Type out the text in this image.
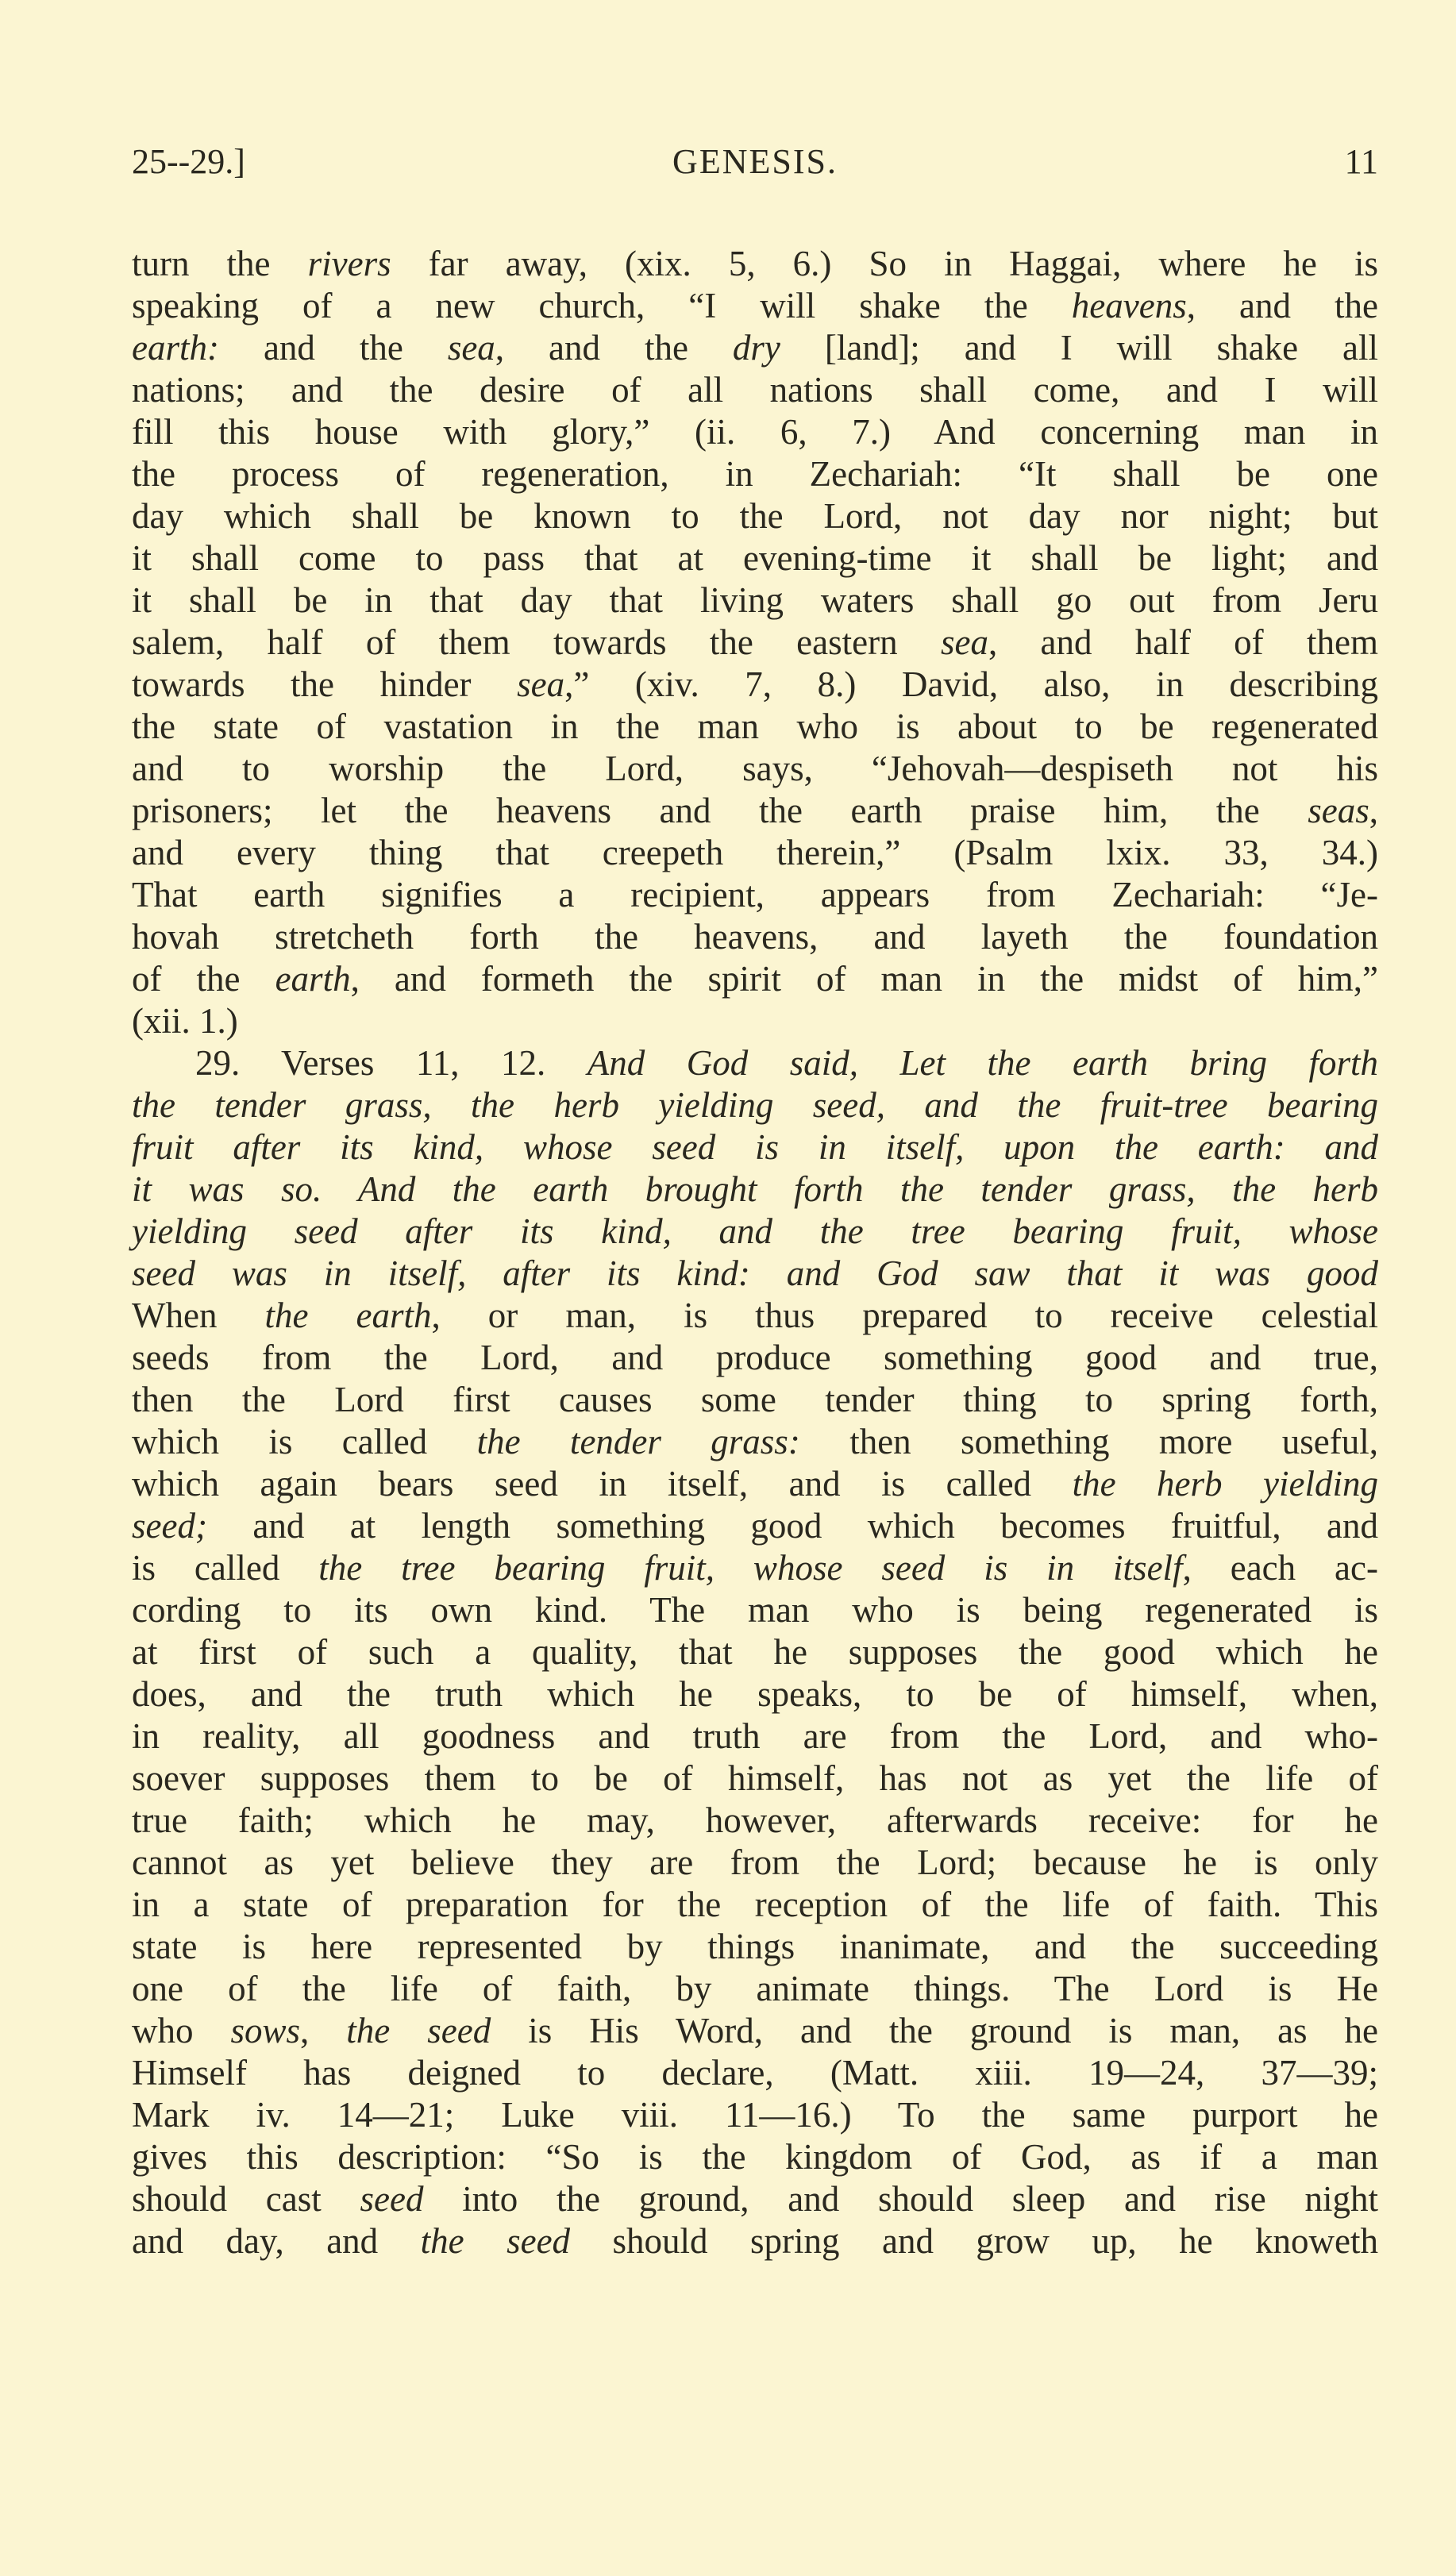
25--29.]	GENESIS.	11
turn the rivers far away, (xix. 5, 6.) So in Haggai, where he is
speaking of a new church, “I will shake the heavens, and the
earth: and the sea, and the dry [land]; and I will shake all
nations; and the desire of all nations shall come, and I will
fill this house with glory,” (ii. 6, 7.) And concerning man in
the process of regeneration, in Zechariah: “It shall be one
day which shall be known to the Lord, not day nor night; but
it shall come to pass that at evening-time it shall be light; and
it shall be in that day that living waters shall go out from Jeru
salem, half of them towards the eastern sea, and half of them
towards the hinder sea,” (xiv. 7, 8.) David, also, in describing
the state of vastation in the man who is about to be regenerated
and to worship the Lord, says, “Jehovah—despiseth not his
prisoners; let the heavens and the earth praise him, the seas,
and every thing that creepeth therein,” (Psalm lxix. 33, 34.)
That earth signifies a recipient, appears from Zechariah: “Je-
hovah stretcheth forth the heavens, and layeth the foundation
of the earth, and formeth the spirit of man in the midst of him,”
(xii. 1.)
29. Verses 11, 12. And God said, Let the earth bring forth
the tender grass, the herb yielding seed, and the fruit-tree bearing
fruit after its kind, whose seed is in itself, upon the earth: and
it was so. And the earth brought forth the tender grass, the herb
yielding seed after its kind, and the tree bearing fruit, whose
seed was in itself, after its kind: and God saw that it was good
When the earth, or man, is thus prepared to receive celestial
seeds from the Lord, and produce something good and true,
then the Lord first causes some tender thing to spring forth,
which is called the tender grass: then something more useful,
which again bears seed in itself, and is called the herb yielding
seed; and at length something good which becomes fruitful, and
is called the tree bearing fruit, whose seed is in itself, each ac-
cording to its own kind. The man who is being regenerated is
at first of such a quality, that he supposes the good which he
does, and the truth which he speaks, to be of himself, when,
in reality, all goodness and truth are from the Lord, and who-
soever supposes them to be of himself, has not as yet the life of
true faith; which he may, however, afterwards receive: for he
cannot as yet believe they are from the Lord; because he is only
in a state of preparation for the reception of the life of faith. This
state is here represented by things inanimate, and the succeeding
one of the life of faith, by animate things. The Lord is He
who sows, the seed is His Word, and the ground is man, as he
Himself has deigned to declare, (Matt. xiii. 19—24, 37—39;
Mark iv. 14—21; Luke viii. 11—16.) To the same purport he
gives this description: “So is the kingdom of God, as if a man
should cast seed into the ground, and should sleep and rise night
and day, and the seed should spring and grow up, he knoweth
